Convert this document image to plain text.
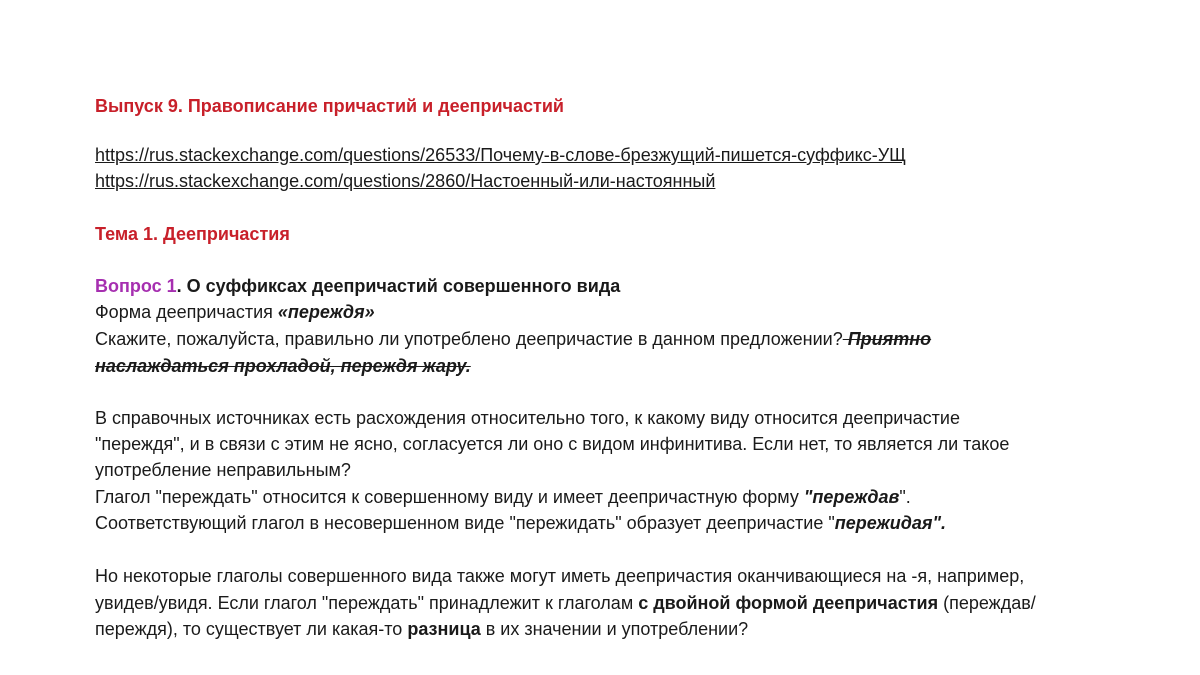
Выпуск 9. Правописание причастий и деепричастий
https://rus.stackexchange.com/questions/26533/Почему-в-слове-брезжущий-пишется-суффикс-УЩ
https://rus.stackexchange.com/questions/2860/Настоенный-или-настоянный
Тема 1. Деепричастия
Вопрос 1. О суффиксах деепричастий совершенного вида
Форма деепричастия «переждя»
Скажите, пожалуйста, правильно ли употреблено деепричастие в данном предложении? Приятно
наслаждаться прохладой, переждя жару.
В справочных источниках есть расхождения относительно того, к какому виду относится деепричастие
"переждя", и в связи с этим не ясно, согласуется ли оно с видом инфинитива. Если нет, то является ли такое
употребление неправильным?
Глагол "переждать" относится к совершенному виду и имеет деепричастную форму "переждав".
Соответствующий глагол в несовершенном виде "пережидать" образует деепричастие "пережидая".
Но некоторые глаголы совершенного вида также могут иметь деепричастия оканчивающиеся на -я, например,
увидев/увидя. Если глагол "переждать" принадлежит к глаголам с двойной формой деепричастия (переждав/
переждя), то существует ли какая-то разница в их значении и употреблении?
